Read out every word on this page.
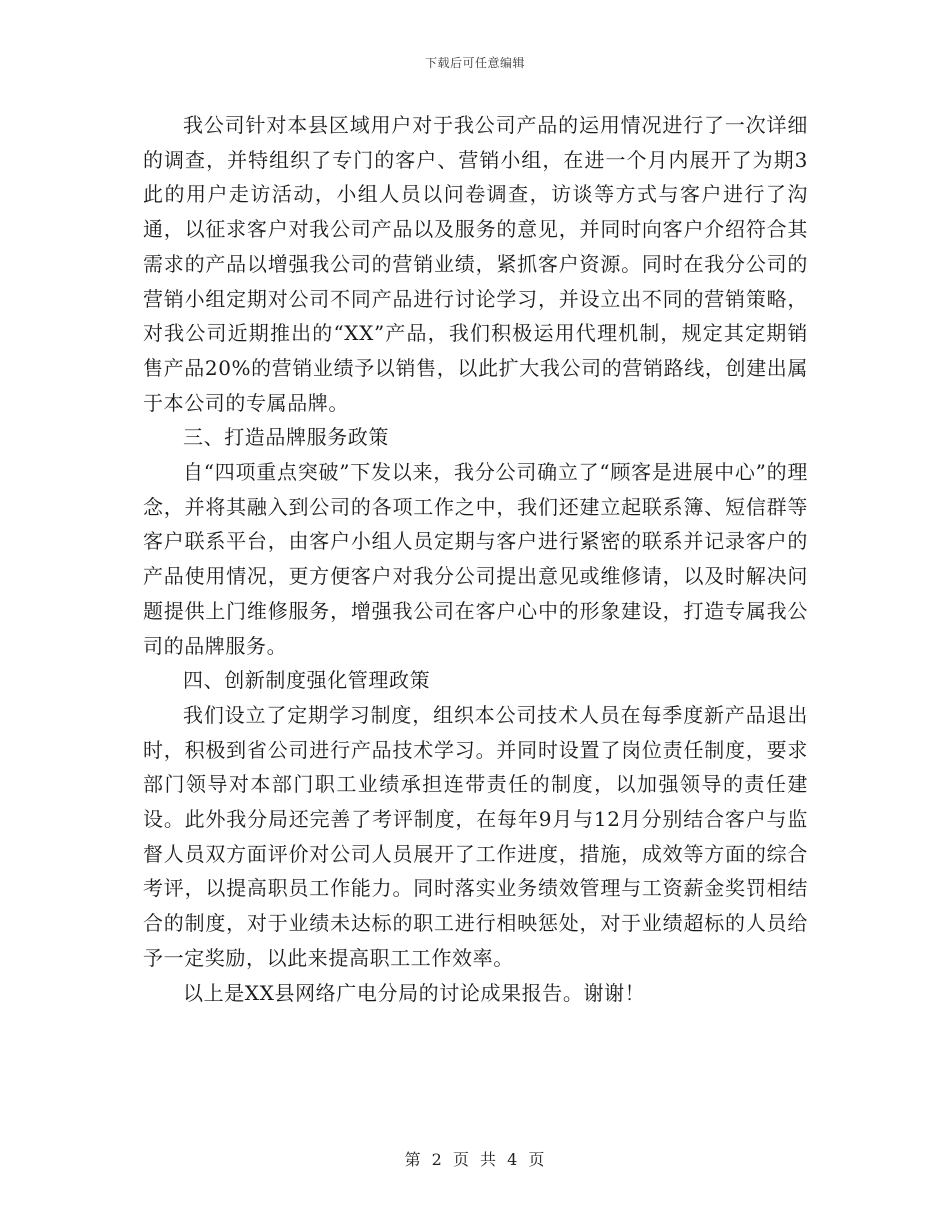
下载后可任意编辑

我公司针对本县区域用户对于我公司产品的运用情况进行了一次详细的调查，并特组织了专门的客户、营销小组，在进一个月内展开了为期3此的用户走访活动，小组人员以问卷调查，访谈等方式与客户进行了沟通，以征求客户对我公司产品以及服务的意见，并同时向客户介绍符合其需求的产品以增强我公司的营销业绩，紧抓客户资源。同时在我分公司的营销小组定期对公司不同产品进行讨论学习，并设立出不同的营销策略，对我公司近期推出的“XX”产品，我们积极运用代理机制，规定其定期销售产品20%的营销业绩予以销售，以此扩大我公司的营销路线，创建出属于本公司的专属品牌。

三、打造品牌服务政策

自“四项重点突破”下发以来，我分公司确立了“顾客是进展中心”的理念，并将其融入到公司的各项工作之中，我们还建立起联系簿、短信群等客户联系平台，由客户小组人员定期与客户进行紧密的联系并记录客户的产品使用情况，更方便客户对我分公司提出意见或维修请，以及时解决问题提供上门维修服务，增强我公司在客户心中的形象建设，打造专属我公司的品牌服务。

四、创新制度强化管理政策

我们设立了定期学习制度，组织本公司技术人员在每季度新产品退出时，积极到省公司进行产品技术学习。并同时设置了岗位责任制度，要求部门领导对本部门职工业绩承担连带责任的制度，以加强领导的责任建设。此外我分局还完善了考评制度，在每年9月与12月分别结合客户与监督人员双方面评价对公司人员展开了工作进度，措施，成效等方面的综合考评，以提高职员工作能力。同时落实业务绩效管理与工资薪金奖罚相结合的制度，对于业绩未达标的职工进行相映惩处，对于业绩超标的人员给予一定奖励，以此来提高职工工作效率。

以上是XX县网络广电分局的讨论成果报告。谢谢！

第 2 页 共 4 页
